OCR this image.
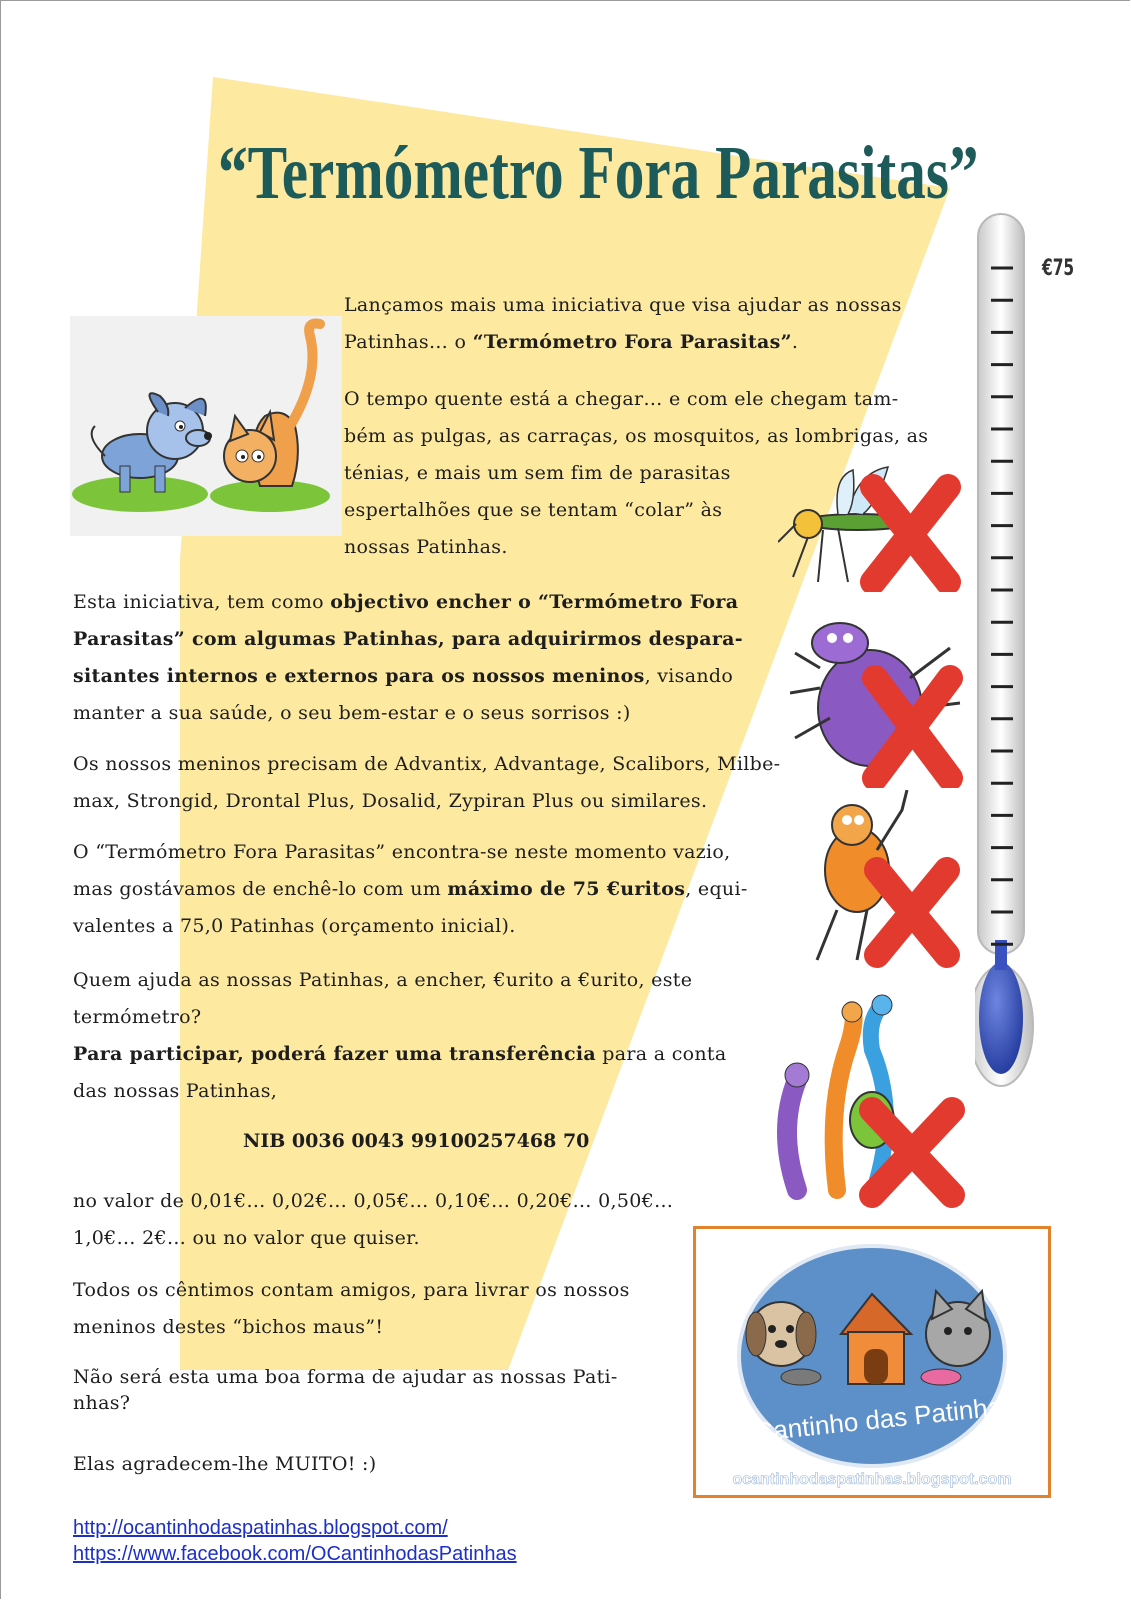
“Termómetro Fora Parasitas”
Lançamos mais uma iniciativa que visa ajudar as nossas
Patinhas… o “Termómetro Fora Parasitas”.
O tempo quente está a chegar… e com ele chegam tam-
bém as pulgas, as carraças, os mosquitos, as lombrigas, as
ténias, e mais um sem fim de parasitas
espertalhões que se tentam “colar” às
nossas Patinhas.
Esta iniciativa, tem como objectivo encher o “Termómetro Fora
Parasitas” com algumas Patinhas, para adquirirmos despara-
sitantes internos e externos para os nossos meninos, visando
manter a sua saúde, o seu bem-estar e o seus sorrisos :)
Os nossos meninos precisam de Advantix, Advantage, Scalibors, Milbe-
max, Strongid, Drontal Plus, Dosalid, Zypiran Plus ou similares.
O “Termómetro Fora Parasitas” encontra-se neste momento vazio,
mas gostávamos de enchê-lo com um máximo de 75 €uritos, equi-
valentes a 75,0 Patinhas (orçamento inicial).
Quem ajuda as nossas Patinhas, a encher, €urito a €urito, este
termómetro?
Para participar, poderá fazer uma transferência para a conta
das nossas Patinhas,
NIB 0036 0043 99100257468 70
no valor de 0,01€… 0,02€… 0,05€… 0,10€… 0,20€… 0,50€…
1,0€… 2€… ou no valor que quiser.
Todos os cêntimos contam amigos, para livrar os nossos
meninos destes “bichos maus”!
Não será esta uma boa forma de ajudar as nossas Pati-
nhas?
Elas agradecem-lhe MUITO! :)
http://ocantinhodaspatinhas.blogspot.com/
https://www.facebook.com/OCantinhodasPatinhas
€75
O Cantinho das Patinhas
ocantinhodaspatinhas.blogspot.com
